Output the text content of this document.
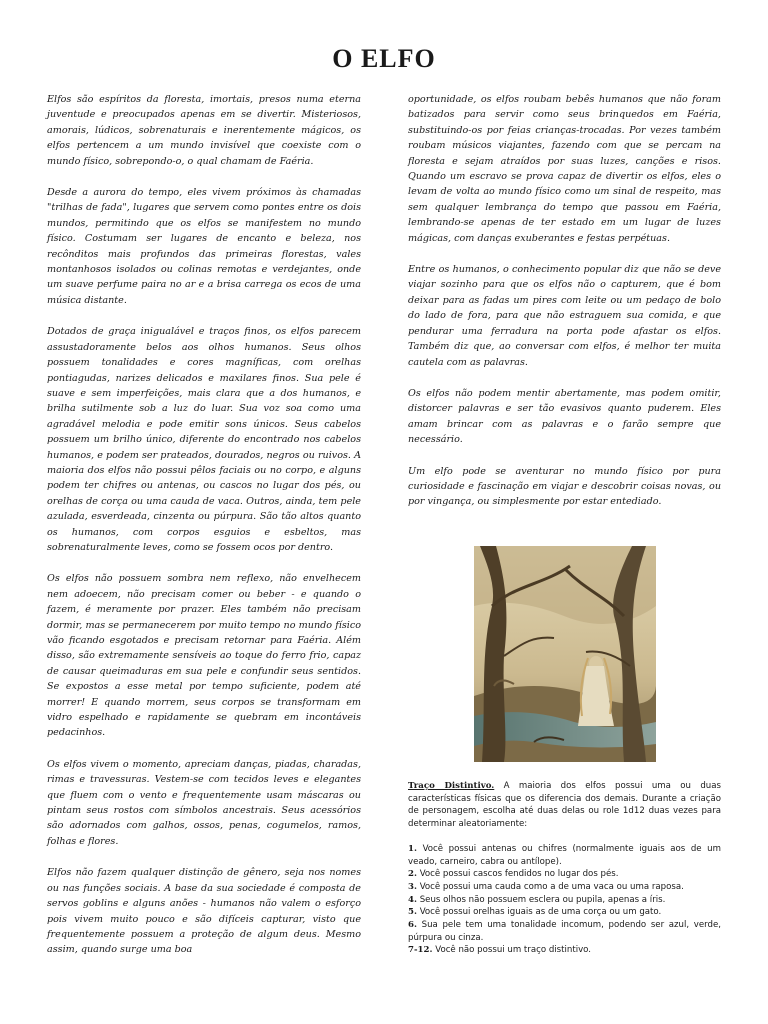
O ELFO

Elfos são espíritos da floresta, imortais, presos numa eterna juventude e preocupados apenas em se divertir. Misteriosos, amorais, lúdicos, sobrenaturais e inerentemente mágicos, os elfos pertencem a um mundo invisível que coexiste com o mundo físico, sobrepondo-o, o qual chamam de Faéria.

Desde a aurora do tempo, eles vivem próximos às chamadas "trilhas de fada", lugares que servem como pontes entre os dois mundos, permitindo que os elfos se manifestem no mundo físico. Costumam ser lugares de encanto e beleza, nos recônditos mais profundos das primeiras florestas, vales montanhosos isolados ou colinas remotas e verdejantes, onde um suave perfume paira no ar e a brisa carrega os ecos de uma música distante.

Dotados de graça inigualável e traços finos, os elfos parecem assustadoramente belos aos olhos humanos. Seus olhos possuem tonalidades e cores magníficas, com orelhas pontiagudas, narizes delicados e maxilares finos. Sua pele é suave e sem imperfeições, mais clara que a dos humanos, e brilha sutilmente sob a luz do luar. Sua voz soa como uma agradável melodia e pode emitir sons únicos. Seus cabelos possuem um brilho único, diferente do encontrado nos cabelos humanos, e podem ser prateados, dourados, negros ou ruivos. A maioria dos elfos não possui pêlos faciais ou no corpo, e alguns podem ter chifres ou antenas, ou cascos no lugar dos pés, ou orelhas de corça ou uma cauda de vaca. Outros, ainda, tem pele azulada, esverdeada, cinzenta ou púrpura. São tão altos quanto os humanos, com corpos esguios e esbeltos, mas sobrenaturalmente leves, como se fossem ocos por dentro.

Os elfos não possuem sombra nem reflexo, não envelhecem nem adoecem, não precisam comer ou beber - e quando o fazem, é meramente por prazer. Eles também não precisam dormir, mas se permanecerem por muito tempo no mundo físico vão ficando esgotados e precisam retornar para Faéria. Além disso, são extremamente sensíveis ao toque do ferro frio, capaz de causar queimaduras em sua pele e confundir seus sentidos. Se expostos a esse metal por tempo suficiente, podem até morrer! E quando morrem, seus corpos se transformam em vidro espelhado e rapidamente se quebram em incontáveis pedacinhos.

Os elfos vivem o momento, apreciam danças, piadas, charadas, rimas e travessuras. Vestem-se com tecidos leves e elegantes que fluem com o vento e frequentemente usam máscaras ou pintam seus rostos com símbolos ancestrais. Seus acessórios são adornados com galhos, ossos, penas, cogumelos, ramos, folhas e flores.

Elfos não fazem qualquer distinção de gênero, seja nos nomes ou nas funções sociais. A base da sua sociedade é composta de servos goblins e alguns anões - humanos não valem o esforço pois vivem muito pouco e são difíceis capturar, visto que frequentemente possuem a proteção de algum deus. Mesmo assim, quando surge uma boa

oportunidade, os elfos roubam bebês humanos que não foram batizados para servir como seus brinquedos em Faéria, substituindo-os por feias crianças-trocadas. Por vezes também roubam músicos viajantes, fazendo com que se percam na floresta e sejam atraídos por suas luzes, canções e risos. Quando um escravo se prova capaz de divertir os elfos, eles o levam de volta ao mundo físico como um sinal de respeito, mas sem qualquer lembrança do tempo que passou em Faéria, lembrando-se apenas de ter estado em um lugar de luzes mágicas, com danças exuberantes e festas perpétuas.

Entre os humanos, o conhecimento popular diz que não se deve viajar sozinho para que os elfos não o capturem, que é bom deixar para as fadas um pires com leite ou um pedaço de bolo do lado de fora, para que não estraguem sua comida, e que pendurar uma ferradura na porta pode afastar os elfos. Também diz que, ao conversar com elfos, é melhor ter muita cautela com as palavras.

Os elfos não podem mentir abertamente, mas podem omitir, distorcer palavras e ser tão evasivos quanto puderem. Eles amam brincar com as palavras e o farão sempre que necessário.

Um elfo pode se aventurar no mundo físico por pura curiosidade e fascinação em viajar e descobrir coisas novas, ou por vingança, ou simplesmente por estar entediado.

Traço Distintivo. A maioria dos elfos possui uma ou duas características físicas que os diferencia dos demais. Durante a criação de personagem, escolha até duas delas ou role 1d12 duas vezes para determinar aleatoriamente:

1. Você possui antenas ou chifres (normalmente iguais aos de um veado, carneiro, cabra ou antílope).
2. Você possui cascos fendidos no lugar dos pés.
3. Você possui uma cauda como a de uma vaca ou uma raposa.
4. Seus olhos não possuem esclera ou pupila, apenas a íris.
5. Você possui orelhas iguais as de uma corça ou um gato.
6. Sua pele tem uma tonalidade incomum, podendo ser azul, verde, púrpura ou cinza.
7-12. Você não possui um traço distintivo.
